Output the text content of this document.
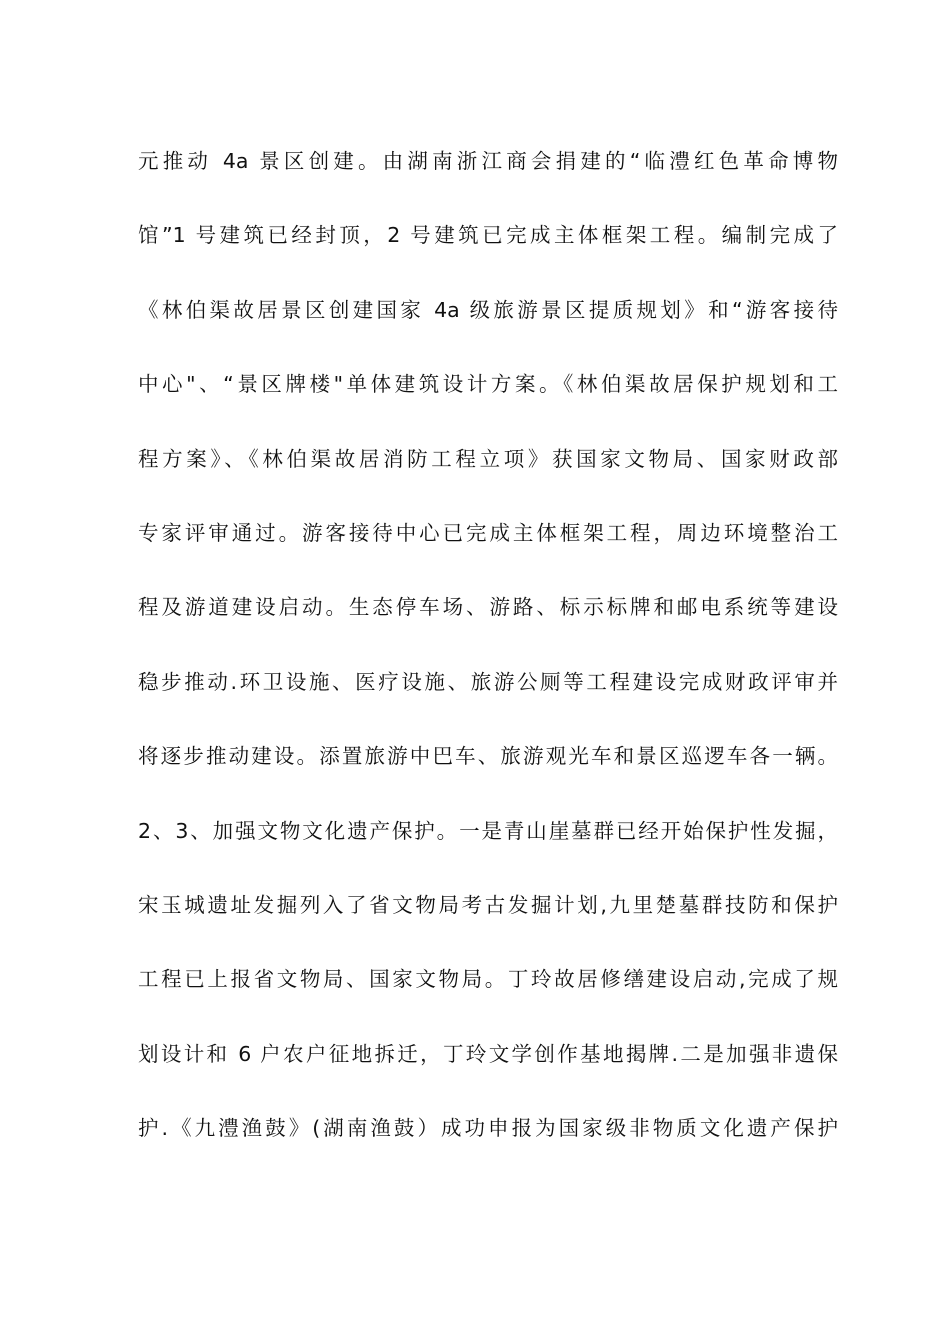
元推动 4a 景区创建。由湖南浙江商会捐建的“临澧红色革命博物
馆”1 号建筑已经封顶，2 号建筑已完成主体框架工程。编制完成了
《林伯渠故居景区创建国家 4a 级旅游景区提质规划》和“游客接待
中心"、“景区牌楼"单体建筑设计方案。《林伯渠故居保护规划和工
程方案》、《林伯渠故居消防工程立项》获国家文物局、国家财政部
专家评审通过。游客接待中心已完成主体框架工程，周边环境整治工
程及游道建设启动。生态停车场、游路、标示标牌和邮电系统等建设
稳步推动.环卫设施、医疗设施、旅游公厕等工程建设完成财政评审并
将逐步推动建设。添置旅游中巴车、旅游观光车和景区巡逻车各一辆。
2、3、加强文物文化遗产保护。一是青山崖墓群已经开始保护性发掘，
宋玉城遗址发掘列入了省文物局考古发掘计划,九里楚墓群技防和保护
工程已上报省文物局、国家文物局。丁玲故居修缮建设启动,完成了规
划设计和 6 户农户征地拆迁，丁玲文学创作基地揭牌.二是加强非遗保
护.《九澧渔鼓》(湖南渔鼓）成功申报为国家级非物质文化遗产保护
